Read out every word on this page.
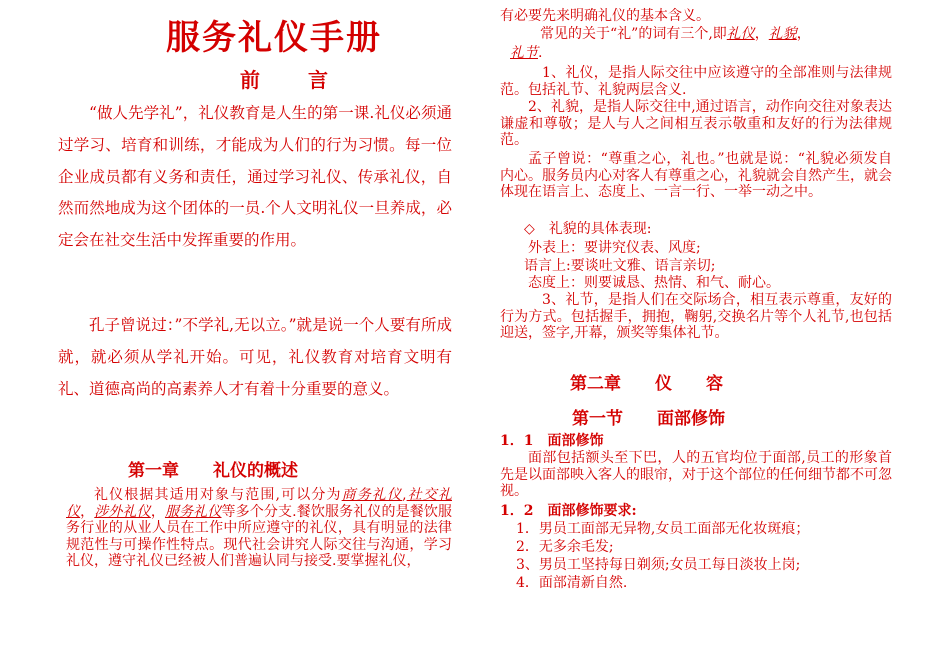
服务礼仪手册
前言

“做人先学礼”，礼仪教育是人生的第一课.礼仪必须通过学习、培育和训练，才能成为人们的行为习惯。每一位企业成员都有义务和责任，通过学习礼仪、传承礼仪，自然而然地成为这个团体的一员.个人文明礼仪一旦养成，必定会在社交生活中发挥重要的作用。

孔子曾说过：”不学礼,无以立。”就是说一个人要有所成就，就必须从学礼开始。可见，礼仪教育对培育文明有礼、道德高尚的高素养人才有着十分重要的意义。

第一章　　礼仪的概述

礼仪根据其适用对象与范围,可以分为商务礼仪,社交礼仪，涉外礼仪，服务礼仪等多个分支.餐饮服务礼仪的是餐饮服务行业的从业人员在工作中所应遵守的礼仪，具有明显的法律规范性与可操作性特点。现代社会讲究人际交往与沟通，学习礼仪，遵守礼仪已经被人们普遍认同与接受.要掌握礼仪，

有必要先来明确礼仪的基本含义。

常见的关于“礼”的词有三个,即礼仪，礼貌，

礼节.

1、礼仪，是指人际交往中应该遵守的全部准则与法律规范。包括礼节、礼貌两层含义.

2、礼貌，是指人际交往中,通过语言，动作向交往对象表达谦虚和尊敬；是人与人之间相互表示敬重和友好的行为法律规范。

孟子曾说：“尊重之心，礼也。”也就是说：“礼貌必须发自内心。服务员内心对客人有尊重之心，礼貌就会自然产生，就会体现在语言上、态度上、一言一行、一举一动之中。

◇　礼貌的具体表现:

外表上：要讲究仪表、风度;

语言上:要谈吐文雅、语言亲切;

态度上：则要诚恳、热情、和气、耐心。

3、礼节，是指人们在交际场合，相互表示尊重，友好的行为方式。包括握手，拥抱，鞠躬,交换名片等个人礼节,也包括迎送，签字,开幕，颁奖等集体礼节。

第二章　　仪　　容
第一节　　面部修饰

1．1　面部修饰

面部包括额头至下巴，人的五官均位于面部,员工的形象首先是以面部映入客人的眼帘，对于这个部位的任何细节都不可忽视。

1．2　面部修饰要求:

1．男员工面部无异物,女员工面部无化妆斑痕；

2．无多余毛发;

3、男员工坚持每日剃须;女员工每日淡妆上岗;

4．面部清新自然.
